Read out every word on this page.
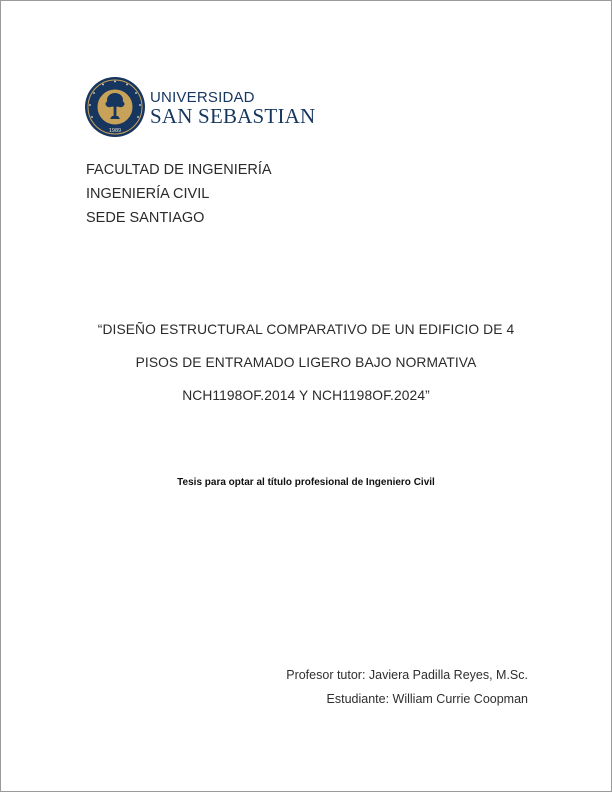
1989
UNIVERSIDAD
SAN SEBASTIAN
FACULTAD DE INGENIERÍA
INGENIERÍA CIVIL
SEDE SANTIAGO
“DISEÑO ESTRUCTURAL COMPARATIVO DE UN EDIFICIO DE 4
PISOS DE ENTRAMADO LIGERO BAJO NORMATIVA
NCH1198OF.2014 Y NCH1198OF.2024”
Tesis para optar al título profesional de Ingeniero Civil
Profesor tutor: Javiera Padilla Reyes, M.Sc.
Estudiante: William Currie Coopman
